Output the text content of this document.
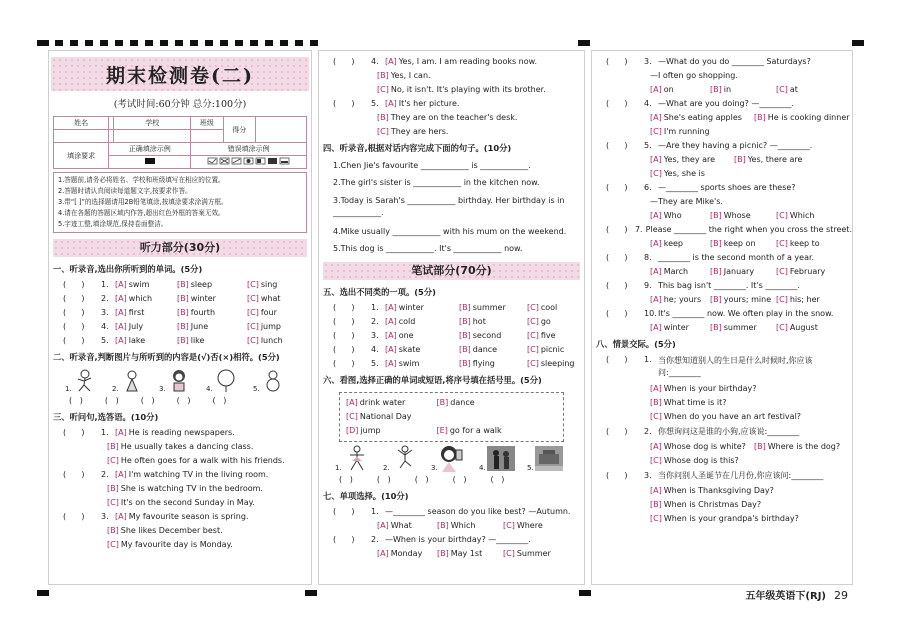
期末检测卷(二)
(考试时间:60分钟 总分:100分)
姓名		学校	班级	得分	

填涂要求	正确填涂示例		错误填涂示例		

1.答题前,请务必将姓名、学校和班级填写在相应的位置。
2.答题时请认真阅读每道题文字,按要求作答。
3.带“[ ]”的选择题请用2B铅笔填涂,按填涂要求涂满方框。
4.请在各题的答题区域内作答,超出红色外框的答案无效。
5.字迹工整,填涂规范,保持卷面整洁。
听力部分(30分)
一、听录音,选出你所听到的单词。(5分)
(      )	1. [A] swim	[B] sleep	[C] sing
(      )	2. [A] which	[B] winter	[C] what
(      )	3. [A] first	[B] fourth	[C] four
(      )	4. [A] July	[B] June	[C] jump
(      )	5. [A] lake	[B] like	[C] lunch
二、听录音,判断图片与所听到的内容是(√)否(×)相符。(5分)
1.	2.	3.	4.	5.
(   )	(   )	(   )	(   )	(   )
三、听问句,选答语。(10分)
(      )	1. [A] He is reading newspapers.
[B] He usually takes a dancing class.
[C] He often goes for a walk with his friends.
(      )	2. [A] I'm watching TV in the living room.
[B] She is watching TV in the bedroom.
[C] It's on the second Sunday in May.
(      )	3. [A] My favourite season is spring.
[B] She likes December best.
[C] My favourite day is Monday.
(      )	4. [A] Yes, I am. I am reading books now.
[B] Yes, I can.
[C] No, it isn't. It's playing with its brother.
(      )	5. [A] It's her picture.
[B] They are on the teacher's desk.
[C] They are hers.
四、听录音,根据对话内容完成下面的句子。(10分)
1.Chen Jie's favourite ____________ is ____________.
2.The girl's sister is ____________ in the kitchen now.
3.Today is Sarah's ____________ birthday. Her birthday is in ____________.
4.Mike usually ____________ with his mum on the weekend.
5.This dog is ____________. It's ____________ now.
笔试部分(70分)
五、选出不同类的一项。(5分)
(      )	1. [A] winter	[B] summer	[C] cool
(      )	2. [A] cold	[B] hot	[C] go
(      )	3. [A] one	[B] second	[C] five
(      )	4. [A] skate	[B] dance	[C] picnic
(      )	5. [A] swim	[B] flying	[C] sleeping
六、看图,选择正确的单词或短语,将序号填在括号里。(5分)
[A] drink water	[B] dance [C] National Day
[D] jump	[E] go for a walk
1.	2.	3.	4.	5.
(   )	(   )	(   )	(   )	(   )
七、单项选择。(10分)
(      )	1. —________ season do you like best? —Autumn.
[A] What	[B] Which	[C] Where
(      )	2. —When is your birthday? —________.
[A] Monday [B] May 1st	[C] Summer
(      )	3. —What do you do ________ Saturdays?
—I often go shopping.
[A] on	[B] in	[C] at
(      )	4. —What are you doing? —________.
[A] She's eating apples [B] He is cooking dinner
[C] I'm running
(      )	5. —Are they having a picnic? —________.
[A] Yes, they are [B] Yes, there are
[C] Yes, she is
(      )	6. —________ sports shoes are these?
—They are Mike's.
[A] Who	[B] Whose	[C] Which
(      ) 7. Please ________ the right when you cross the street.
[A] keep	[B] keep on	[C] keep to
(      )	8. ________ is the second month of a year.
[A] March	[B] January	[C] February
(      )	9. This bag isn't ________. It's ________.
[A] he; yours [B] yours; mine [C] his; her
(      )	10. It's ________ now. We often play in the snow.
[A] winter	[B] summer [C] August
八、情景交际。(5分)
(      )	1. 当你想知道别人的生日是什么时候时,你应该问:________
[A] When is your birthday?
[B] What time is it?
[C] When do you have an art festival?
(      )	2. 你想询问这是谁的小狗,应该说:________
[A] Whose dog is white? [B] Where is the dog?
[C] Whose dog is this?
(      )	3. 当你问别人圣诞节在几月份,你应该问:________
[A] When is Thanksgiving Day?
[B] When is Christmas Day?
[C] When is your grandpa's birthday?
五年级英语下(RJ) 29
